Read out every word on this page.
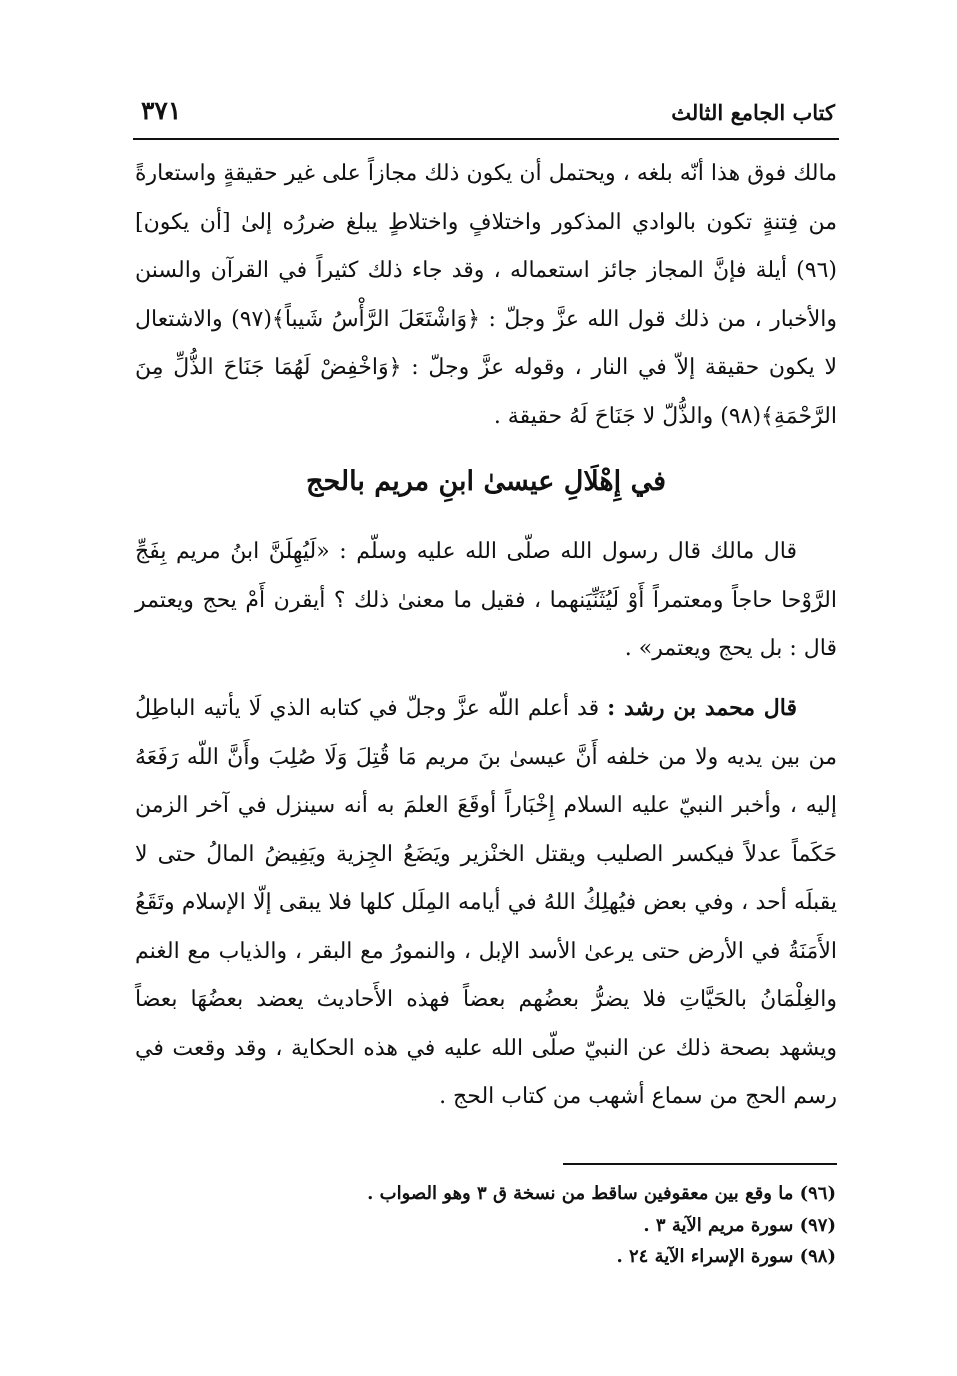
كتاب الجامع الثالث
٣٧١
مالك فوق هذا أنّه بلغه ، ويحتمل أن يكون ذلك مجازاً على غير حقيقةٍ واستعارةً من فِتنةٍ تكون بالوادي المذكور واختلافٍ واختلاطٍ يبلغ ضررُه إلىٰ [أن يكون](٩٦) أيلة فإنَّ المجاز جائز استعماله ، وقد جاء ذلك كثيراً في القرآن والسنن والأخبار ، من ذلك قول الله عزَّ وجلّ : ﴿وَاشْتَعَلَ الرَّأْسُ شَيباً﴾(٩٧) والاشتعال لا يكون حقيقة إلاّ في النار ، وقوله عزَّ وجلّ : ﴿وَاخْفِضْ لَهُمَا جَنَاحَ الذُّلِّ مِنَ الرَّحْمَةِ﴾(٩٨) والذُّلّ لا جَنَاحَ لَهُ حقيقة .
في إِهْلَالِ عيسىٰ ابنِ مريم بالحج
قال مالك قال رسول الله صلّى الله عليه وسلّم : «لَيُهِلَنَّ ابنُ مريم بِفَجِّ الرَّوْحا حاجاً ومعتمراً أَوْ لَيُثَنِّيَنهما ، فقيل ما معنىٰ ذلك ؟ أيقرن أَمْ يحج ويعتمر قال : بل يحج ويعتمر» .
قال محمد بن رشد : قد أعلم اللّه عزَّ وجلّ في كتابه الذي لَا يأتيه الباطِلُ من بين يديه ولا من خلفه أَنَّ عيسىٰ بنَ مريم مَا قُتِلَ وَلَا صُلِبَ وأَنَّ اللّه رَفَعَهُ إليه ، وأخبر النبيّ عليه السلام إِخْبَاراً أوقَعَ العلمَ به أنه سينزل في آخر الزمن حَكَماً عدلاً فيكسر الصليب ويقتل الخنْزير ويَضَعُ الجِزية ويَفِيضُ المالُ حتى لا يقبلَه أحد ، وفي بعض فيُهلِكُ اللهُ في أيامه المِلَل كلها فلا يبقى إلّا الإسلام وتَقَعُ الأَمَنَةُ في الأرض حتى يرعىٰ الأسد الإبل ، والنمورُ مع البقر ، والذياب مع الغنم والغِلْمَانُ بالحَيَّاتِ فلا يضرُّ بعضُهم بعضاً فهذه الأَحاديث يعضد بعضُهَا بعضاً ويشهد بصحة ذلك عن النبيّ صلّى الله عليه في هذه الحكاية ، وقد وقعت في رسم الحج من سماع أشهب من كتاب الحج .
(٩٦) ما وقع بين معقوفين ساقط من نسخة ق ٣ وهو الصواب .
(٩٧) سورة مريم الآية ٣ .
(٩٨) سورة الإسراء الآية ٢٤ .
